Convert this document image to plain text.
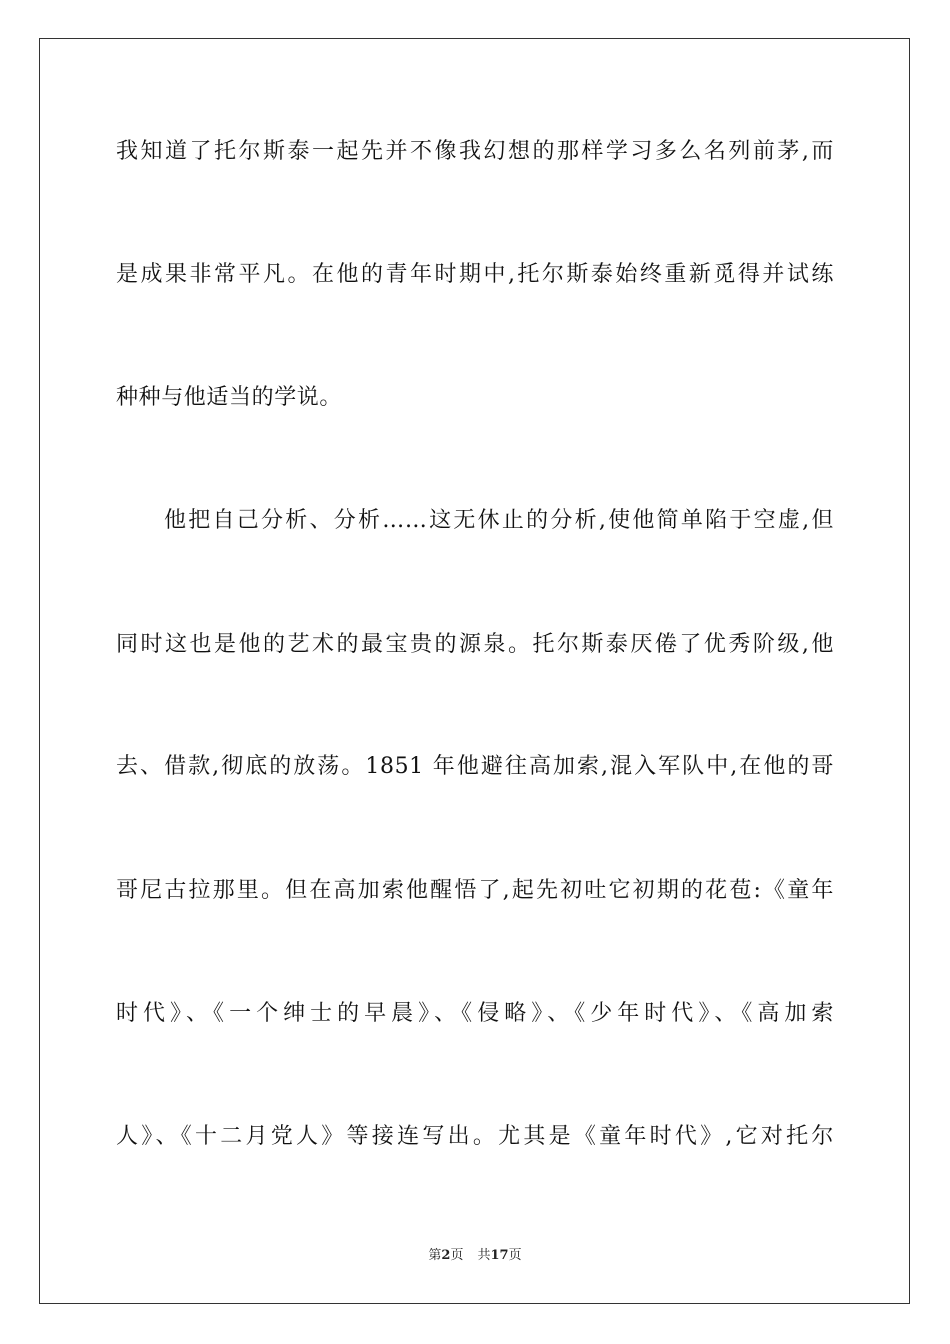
我知道了托尔斯泰一起先并不像我幻想的那样学习多么名列前茅,而
是成果非常平凡。在他的青年时期中,托尔斯泰始终重新觅得并试练
种种与他适当的学说。
他把自己分析、分析……这无休止的分析,使他简单陷于空虚,但
同时这也是他的艺术的最宝贵的源泉。托尔斯泰厌倦了优秀阶级,他
去、借款,彻底的放荡。1851 年他避往高加索,混入军队中,在他的哥
哥尼古拉那里。但在高加索他醒悟了,起先初吐它初期的花苞:《童年
时代》、《一个绅士的早晨》、《侵略》、《少年时代》、《高加索
人》、《十二月党人》等接连写出。尤其是《童年时代》,它对托尔
第2页 共17页
